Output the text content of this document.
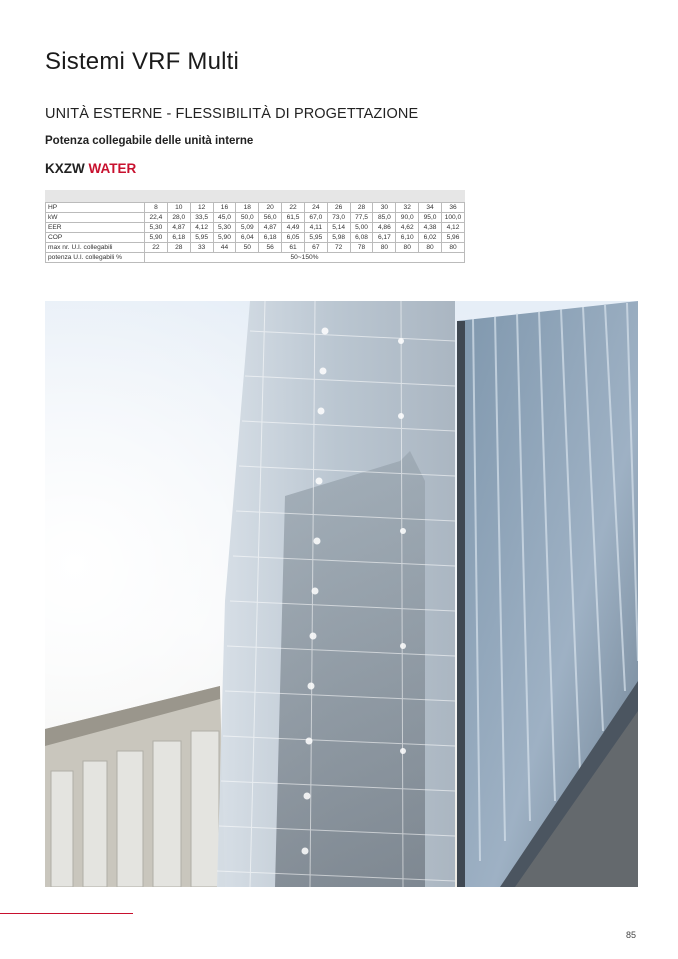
Sistemi VRF Multi
UNITÀ ESTERNE - FLESSIBILITÀ DI PROGETTAZIONE
Potenza collegabile delle unità interne
KXZW WATER
HP	8	10	12	16	18	20	22	24	26	28	30	32	34	36
kW	22,4	28,0	33,5	45,0	50,0	56,0	61,5	67,0	73,0	77,5	85,0	90,0	95,0	100,0
EER	5,30	4,87	4,12	5,30	5,09	4,87	4,49	4,11	5,14	5,00	4,86	4,62	4,38	4,12
COP	5,90	6,18	5,95	5,90	6,04	6,18	6,05	5,95	5,98	6,08	6,17	6,10	6,02	5,96
max nr. U.I. collegabili	22	28	33	44	50	56	61	67	72	78	80	80	80	80
potenza U.I. collegabili %	50~150%													
85
